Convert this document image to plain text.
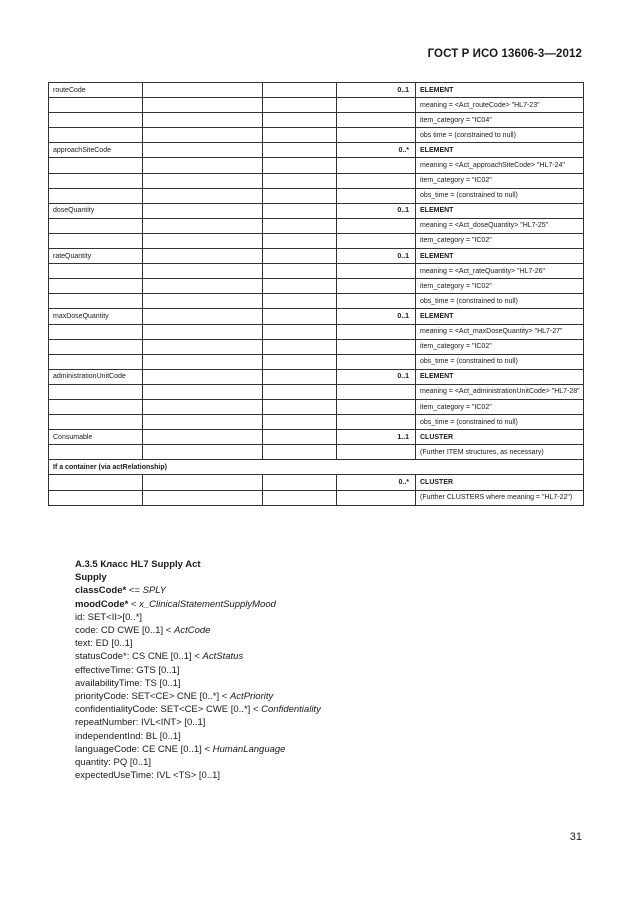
ГОСТ Р ИСО 13606-3—2012
routeCode			0..1	ELEMENT
				meaning = <Act_routeCode> "HL7-23"
				item_category = "IC04"
				obs time = (constrained to null)
approachSiteCode			0..*	ELEMENT
				meaning = <Act_approachSiteCode> "HL7-24"
				item_category = "IC02"
				obs_time = (constrained to null)
doseQuantity			0..1	ELEMENT
				meaning = <Act_doseQuantity> "HL7-25"
				item_category = "IC02"
rateQuantity			0..1	ELEMENT
				meaning = <Act_rateQuantity> "HL7-26"
				item_category = "IC02"
				obs_time = (constrained to null)
maxDoseQuantity			0..1	ELEMENT
				meaning = <Act_maxDoseQuantity> "HL7-27"
				item_category = "IC02"
				obs_time = (constrained to null)
administrationUnitCode			0..1	ELEMENT
				meaning = <Act_administrationUnitCode> "HL7-28"
				item_category = "IC02"
				obs_time = (constrained to null)
Consumable			1..1	CLUSTER
				(Further ITEM structures, as necessary)
If a container (via actRelationship)				
			0..*	CLUSTER
				(Further CLUSTERS where meaning = "HL7-22")
А.3.5 Класс HL7 Supply Act
Supply
classCode* <= SPLY
moodCode* < x_ClinicalStatementSupplyMood
id: SET<II>[0..*]
code: CD CWE [0..1] < ActCode
text: ED [0..1]
statusCode*: CS CNE [0..1] < ActStatus
effectiveTime: GTS [0..1]
availabilityTime: TS [0..1]
priorityCode: SET<CE> CNE [0..*] < ActPriority
confidentialityCode: SET<CE> CWE [0..*] < Confidentiality
repeatNumber: IVL<INT> [0..1]
independentInd: BL [0..1]
languageCode: CE CNE [0..1] < HumanLanguage
quantity: PQ [0..1]
expectedUseTime: IVL <TS> [0..1]
31
